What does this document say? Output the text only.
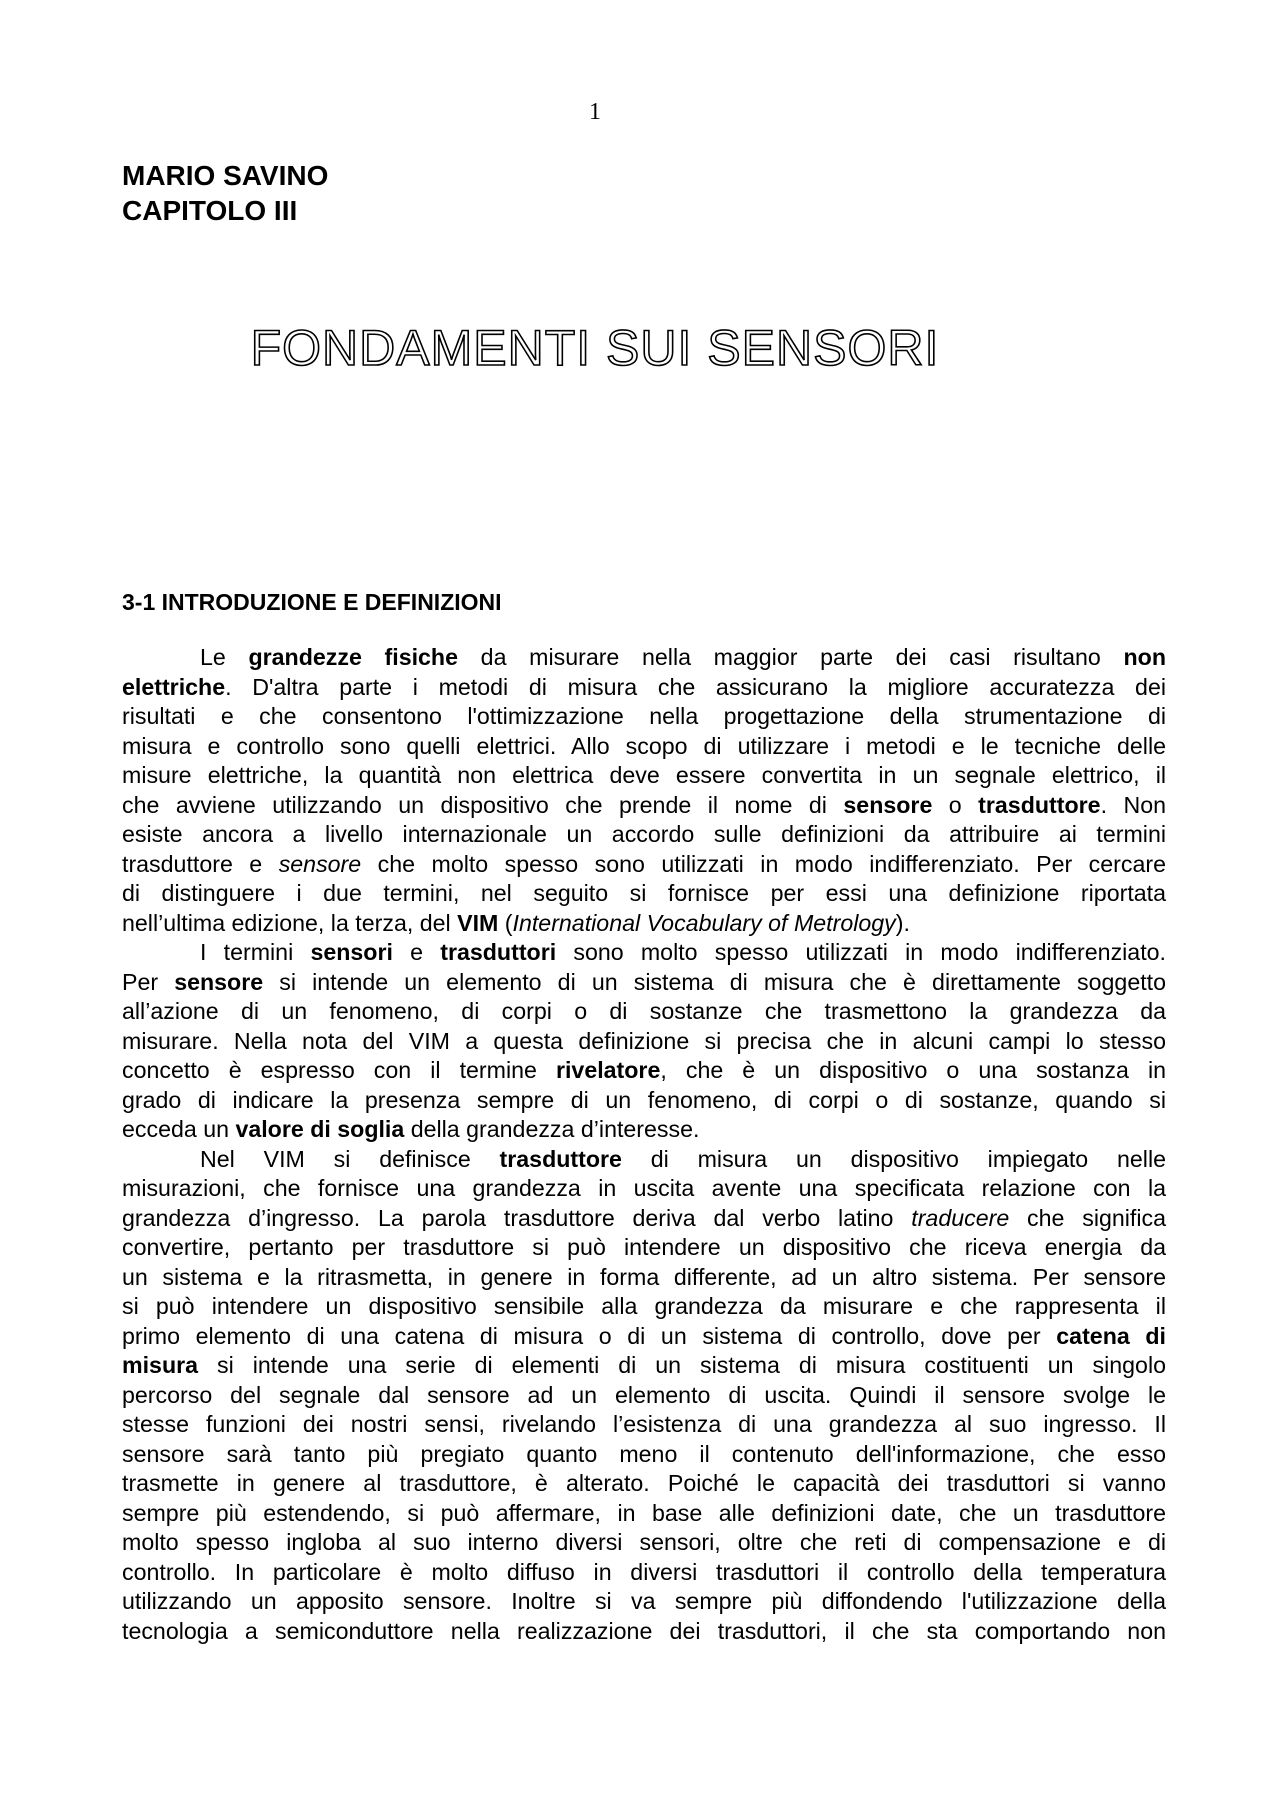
1
MARIO SAVINO
CAPITOLO III
FONDAMENTI SUI SENSORI
3-1 INTRODUZIONE E DEFINIZIONI
Le grandezze fisiche da misurare nella maggior parte dei casi risultano non
elettriche. D'altra parte i metodi di misura che assicurano la migliore accuratezza dei
risultati e che consentono l'ottimizzazione nella progettazione della strumentazione di
misura e controllo sono quelli elettrici. Allo scopo di utilizzare i metodi e le tecniche delle
misure elettriche, la quantità non elettrica deve essere convertita in un segnale elettrico, il
che avviene utilizzando un dispositivo che prende il nome di sensore o trasduttore. Non
esiste ancora a livello internazionale un accordo sulle definizioni da attribuire ai termini
trasduttore e sensore che molto spesso sono utilizzati in modo indifferenziato. Per cercare
di distinguere i due termini, nel seguito si fornisce per essi una definizione riportata
nell’ultima edizione, la terza, del VIM (International Vocabulary of Metrology).
I termini sensori e trasduttori sono molto spesso utilizzati in modo indifferenziato.
Per sensore si intende un elemento di un sistema di misura che è direttamente soggetto
all’azione di un fenomeno, di corpi o di sostanze che trasmettono la grandezza da
misurare. Nella nota del VIM a questa definizione si precisa che in alcuni campi lo stesso
concetto è espresso con il termine rivelatore, che è un dispositivo o una sostanza in
grado di indicare la presenza sempre di un fenomeno, di corpi o di sostanze, quando si
ecceda un valore di soglia della grandezza d’interesse.
Nel VIM si definisce trasduttore di misura un dispositivo impiegato nelle
misurazioni, che fornisce una grandezza in uscita avente una specificata relazione con la
grandezza d’ingresso. La parola trasduttore deriva dal verbo latino traducere che significa
convertire, pertanto per trasduttore si può intendere un dispositivo che riceva energia da
un sistema e la ritrasmetta, in genere in forma differente, ad un altro sistema. Per sensore
si può intendere un dispositivo sensibile alla grandezza da misurare e che rappresenta il
primo elemento di una catena di misura o di un sistema di controllo, dove per catena di
misura si intende una serie di elementi di un sistema di misura costituenti un singolo
percorso del segnale dal sensore ad un elemento di uscita. Quindi il sensore svolge le
stesse funzioni dei nostri sensi, rivelando l’esistenza di una grandezza al suo ingresso. Il
sensore sarà tanto più pregiato quanto meno il contenuto dell'informazione, che esso
trasmette in genere al trasduttore, è alterato. Poiché le capacità dei trasduttori si vanno
sempre più estendendo, si può affermare, in base alle definizioni date, che un trasduttore
molto spesso ingloba al suo interno diversi sensori, oltre che reti di compensazione e di
controllo. In particolare è molto diffuso in diversi trasduttori il controllo della temperatura
utilizzando un apposito sensore. Inoltre si va sempre più diffondendo l'utilizzazione della
tecnologia a semiconduttore nella realizzazione dei trasduttori, il che sta comportando non
